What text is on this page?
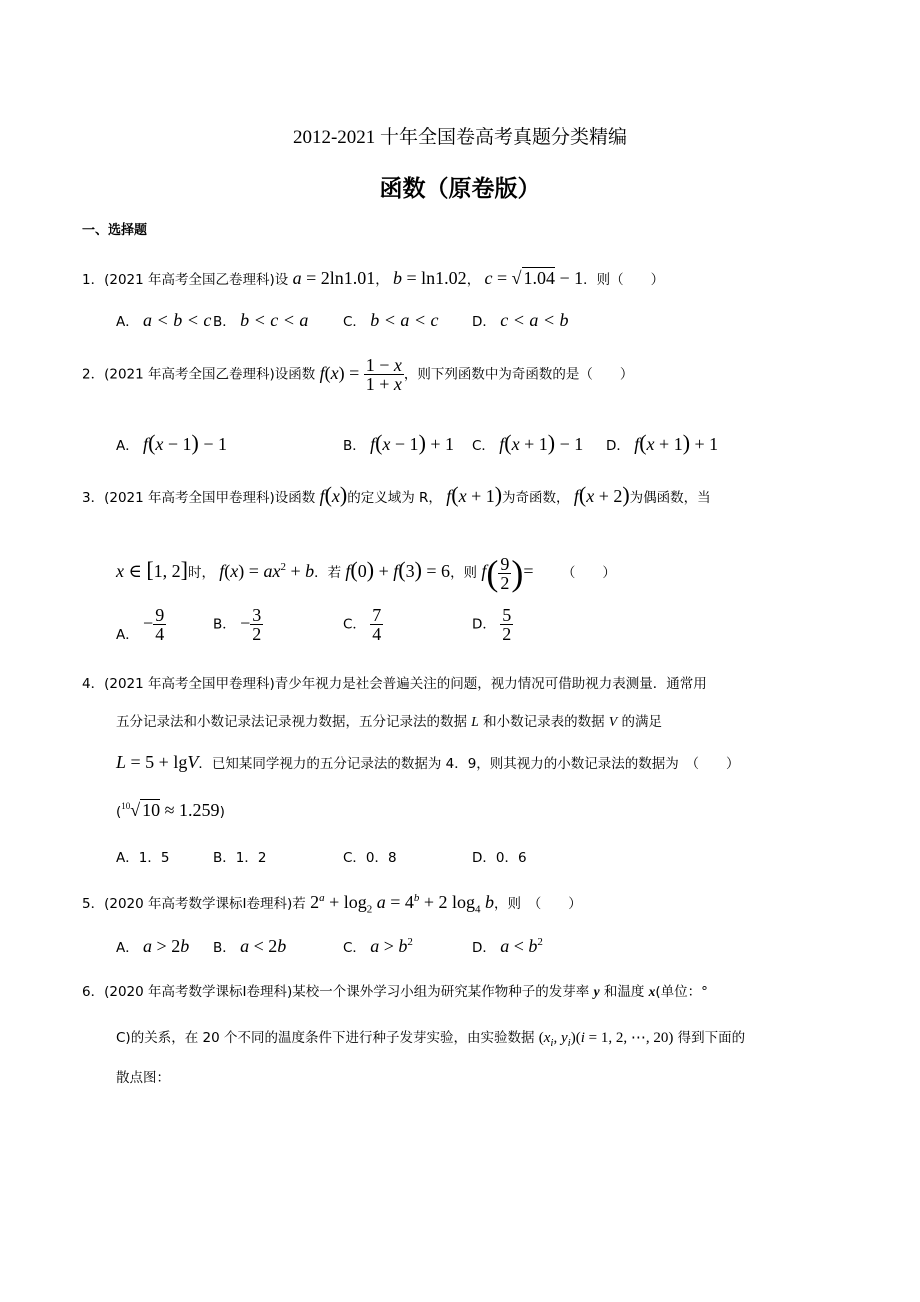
2012-2021 十年全国卷高考真题分类精编
函数（原卷版）
一、选择题
1．(2021 年高考全国乙卷理科)设 a = 2ln1.01， b = ln1.02， c = √ 1.04 − 1．则（　　）
A． a < b < c B． b < c < a	C． b < a < c D． c < a < b
2．(2021 年高考全国乙卷理科)设函数 $f(x) = \frac{1 - x}{1 + x}$ ，则下列函数中为奇函数的是（　　）
A． f(x − 1) − 1	B． f(x − 1) + 1 C． f(x + 1) − 1 D． f(x + 1) + 1
3．(2021 年高考全国甲卷理科)设函数 f(x)的定义域为 R， f(x + 1)为奇函数， f(x + 2)为偶函数，当
x ∈ [1, 2]时， $f(x) = ax^2 + b$．若 f(0) + f(3) = 6，则 $f( \frac{9}{2}$ )= （　　）
A． − $\frac{9}{4}$	B． − $\frac{3}{2}$	C． $\frac{7}{4}$	D． $\frac{5}{2}$
4．(2021 年高考全国甲卷理科)青少年视力是社会普遍关注的问题，视力情况可借助视力表测量．通常用
五分记录法和小数记录法记录视力数据，五分记录法的数据 L 和小数记录表的数据 V 的满足
L = 5 + lgV．已知某同学视力的五分记录法的数据为 4．9，则其视力的小数记录法的数据为　（　　）
($^{10}$√ 10 ≈ 1.259)
A．1．5	B．1．2	C．0．8	D．0．6
5．(2020 年高考数学课标Ⅰ卷理科)若 $2^a + \log_2 a = 4^b + 2$ $\log_4 b$，则　（　　）
A． a > 2b B． a < 2b	C． $a > b^2$	D． $a < b^2$
6．(2020 年高考数学课标Ⅰ卷理科)某校一个课外学习小组为研究某作物种子的发芽率 y 和温度 x(单位：°
C)的关系，在 20 个不同的温度条件下进行种子发芽实验，由实验数据 ($x_i$, $y_i)(i = 1$, 2, ⋯, 20) 得到下面的
散点图：
